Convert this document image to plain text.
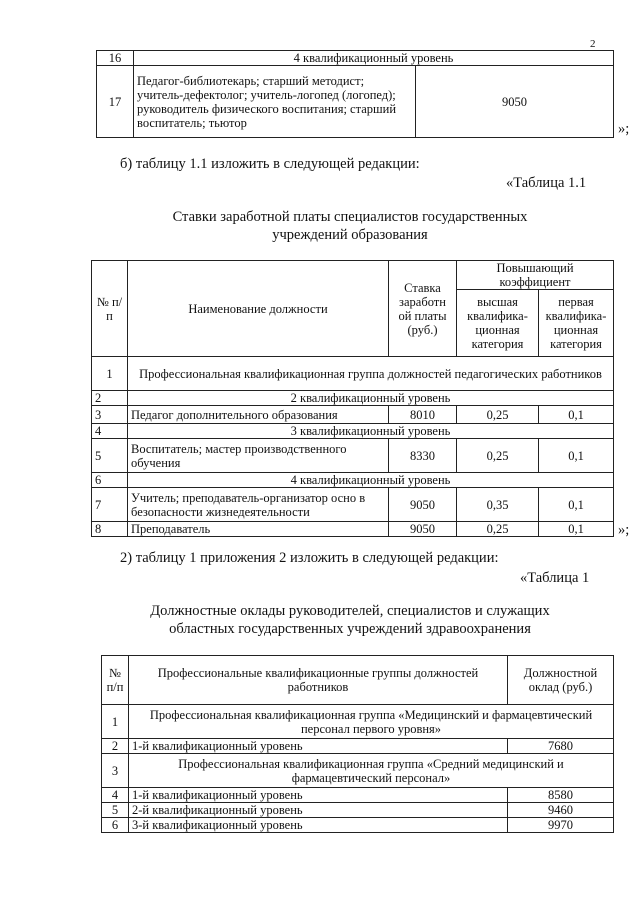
2
16	4 квалификационный уровень	
17	Педагог-библиотекарь; старший методист; учитель-дефектолог; учитель-логопед (логопед); руководитель физического воспитания; старший воспитатель; тьютор	9050
»;
б) таблицу 1.1 изложить в следующей редакции:
«Таблица 1.1
Ставки заработной платы специалистов государственных учреждений образования
№ п/п	Наименование должности	Ставка заработн ой платы (руб.)	Повышающий коэффициент	
			высшая квалифика-ционная категория	первая квалифика-ционная категория
1	Профессиональная квалификационная группа должностей педагогических работников			
2	2 квалификационный уровень			
3	Педагог дополнительного образования	8010	0,25	0,1
4	3 квалификационный уровень			
5	Воспитатель; мастер производственного обучения	8330	0,25	0,1
6	4 квалификационный уровень			
7	Учитель; преподаватель-организатор осно в безопасности жизнедеятельности	9050	0,35	0,1
8	Преподаватель	9050	0,25	0,1 »;
2) таблицу 1 приложения 2 изложить в следующей редакции:
«Таблица 1
Должностные оклады руководителей, специалистов и служащих областных государственных учреждений здравоохранения
№ п/п	Профессиональные квалификационные группы должностей работников	Должностной оклад (руб.)
1	Профессиональная квалификационная группа «Медицинский и фармацевтический персонал первого уровня»	
2	1-й квалификационный уровень	7680
3	Профессиональная квалификационная группа «Средний медицинский и фармацевтический персонал»	
4	1-й квалификационный уровень	8580
5	2-й квалификационный уровень	9460
6	3-й квалификационный уровень	9970
